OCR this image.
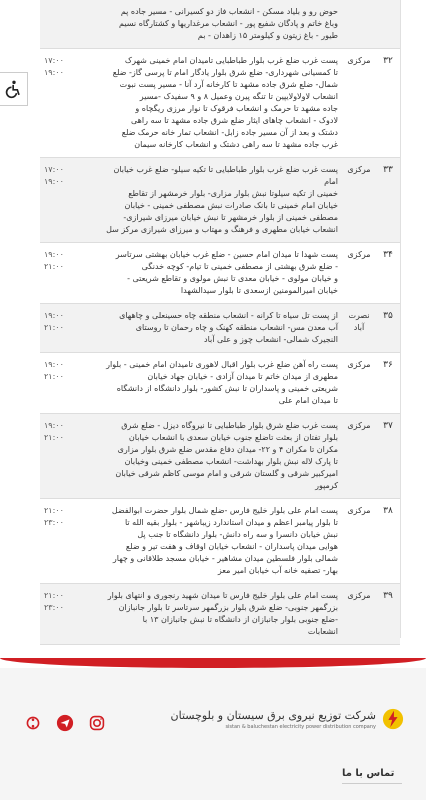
حوض رو و بلیاد مسکن - انشعاب فاز دو کسیرانی - مسیر جاده پم
وباغ خاتم و پادگان شفیع پور - انشعاب مرغداریها و کشتارگاه نسیم
طیور - باغ زیتون و کیلومتر ۱۵ زاهدان - بم
۳۲
مرکزی
پست غرب ضلع غرب بلوار طباطبایی تامیدان امام خمینی شهرک
تا کمسیانی شهرداری- ضلع شرق بلوار یادگار امام تا پرسی گاز- ضلع
شمال- ضلع شرق جاده مشهد تا کارخانه آرد آنا - مسیر پست نبوت
انشعاب لاولاولایپین تا تنگه پیرن وعمیل ۸ و ۹ سفیدک -مسیر
جاده مشهد تا حرمک و انشعاب فرقوک تا نوار مرزی ریگچاه و
لادوک - انشعاب چاهای ایثار ضلع شرق جاده مشهد تا سه راهی
دشتک و بعد از آن مسیر جاده زابل- انشعاب تمار خانه حرمک ضلع
غرب جاده مشهد تا سه راهی دشتک و انشعاب کارخانه سیمان
۱۷:۰۰
۱۹:۰۰
۳۳
مرکزی
پست غرب ضلع غرب بلوار طباطبایی تا تکیه سیلو- ضلع غرب خیابان امام
خمینی از تکیه سیلوتا نبش بلوار مزاری- بلوار خرمشهر از تقاطع
خیابان امام خمینی تا بانک صادرات نبش مصطفی خمینی - خیابان
مصطفی خمینی از بلوار خرمشهر تا نبش خیابان میرزای شیرازی-
انشعاب خیابان مطهری و فرهنگ و مهتاب و میرزای شیرازی مرکز سل
۱۷:۰۰
۱۹:۰۰
۳۴
مرکزی
پست شهدا تا میدان امام حسین - ضلع غرب خیابان بهشتی سرتاسر
- ضلع شرق بهشتی از مصطفی خمینی تا تیام- کوچه خدنگی
و خیابان مولوی - خیابان معدی تا نبش مولوی و تقاطع شریعتی -
خیابان امیرالمومنین ازسعدی تا بلوار سیدالشهدا
۱۹:۰۰
۲۱:۰۰
۳۵
نصرت آباد
از پست تل سیاه تا کرانه - انشعاب منطقه چاه حسینعلی و چاههای
آب معدن مس- انشعاب منطقه کهنک و چاه رحمان تا روستای
النجیرک شمالی- انشعاب چوز و علی آباد
۱۹:۰۰
۲۱:۰۰
۳۶
مرکزی
پست راه آهن ضلع غرب بلوار اقبال لاهوری تامیدان امام خمینی - بلوار
مطهری از میدان خاتم تا میدان آزادی - خیابان جهاد خیابان
شریعتی خمینی و پاسداران تا نبش کشور- بلوار دانشگاه از دانشگاه
تا میدان امام علی
۱۹:۰۰
۲۱:۰۰
۳۷
مرکزی
پست غرب ضلع شرق بلوار طباطبایی تا نیروگاه دیزل - ضلع شرق
بلوار تفتان از بعثت تاضلع جنوب خیابان سعدی با انشعاب خیابان
مکران تا مکران ۴ و ۲۲- میدان دفاع مقدس ضلع شرق بلوار مزاری
تا پارک لاله نبش بلوار بهداشت- انشعاب مصطفی خمینی وخیابان
امیرکبیر شرقی و گلستان شرقی و امام موسی کاظم شرقی خیابان
کرمپور
۱۹:۰۰
۲۱:۰۰
۳۸
مرکزی
پست امام علی بلوار خلیج فارس -ضلع شمال بلوار حضرت ابوالفضل
تا بلوار پیامبر اعظم و میدان استاندارد زیباشهر - بلوار بقیه الله تا
نبش خیابان دانسرا و سه راه دانش- بلوار دانشگاه تا جنب پل
هوایی میدان پاسداران - انشعاب خیابان اوقاف و هفت تیر و ضلع
شمالی بلوار فلسطین میدان مشاهیر - خیابان مسجد طلاقانی و چهار
بهار- تصفیه خانه آب خیابان امیر معز
۲۱:۰۰
۲۳:۰۰
۳۹
مرکزی
پست امام علی بلوار خلیج فارس تا میدان شهید رنجوری و انتهای بلوار
بزرگمهر جنوبی- ضلع شرق بلوار بزرگمهر سرتاسر تا بلوار جانبازان
-ضلع جنوبی بلوار جانبازان از دانشگاه تا نبش جانبازان ۱۳ با
انشعابات
۲۱:۰۰
۲۳:۰۰
شرکت توزیع نیروی برق سیستان و بلوچستان
sistan & baluchestan electricity power distribution company
تماس با ما
